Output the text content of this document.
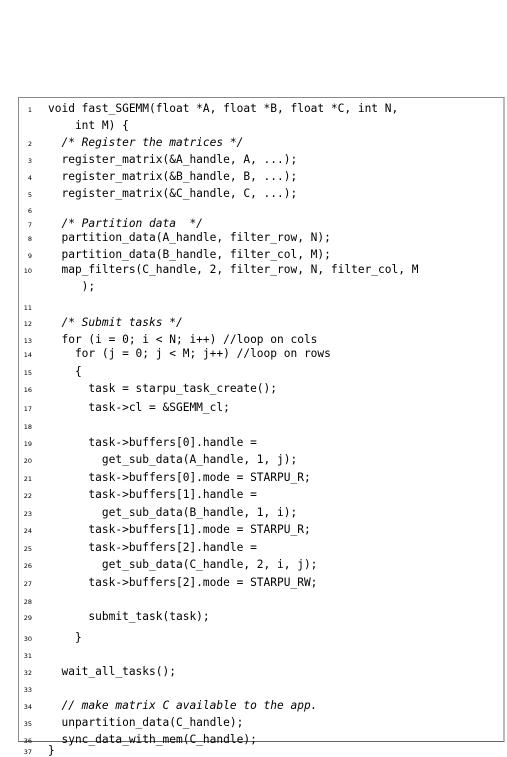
1 void fast_SGEMM(float *A, float *B, float *C, int N,
int M) {
2 /* Register the matrices */
3 register_matrix(&A_handle, A, ...);
4 register_matrix(&B_handle, B, ...);
5 register_matrix(&C_handle, C, ...);
6
7 /* Partition data  */
8 partition_data(A_handle, filter_row, N);
9 partition_data(B_handle, filter_col, M);
10 map_filters(C_handle, 2, filter_row, N, filter_col, M
);
11
12 /* Submit tasks */
13 for (i = 0; i < N; i++) //loop on cols
14 for (j = 0; j < M; j++) //loop on rows
15 {
16 task = starpu_task_create();
17 task->cl = &SGEMM_cl;
18
19 task->buffers[0].handle =
20 get_sub_data(A_handle, 1, j);
21 task->buffers[0].mode = STARPU_R;
22 task->buffers[1].handle =
23 get_sub_data(B_handle, 1, i);
24 task->buffers[1].mode = STARPU_R;
25 task->buffers[2].handle =
26 get_sub_data(C_handle, 2, i, j);
27 task->buffers[2].mode = STARPU_RW;
28
29 submit_task(task);
30 }
31
32 wait_all_tasks();
33
34 // make matrix C available to the app.
35 unpartition_data(C_handle);
36 sync_data_with_mem(C_handle);
37 }
